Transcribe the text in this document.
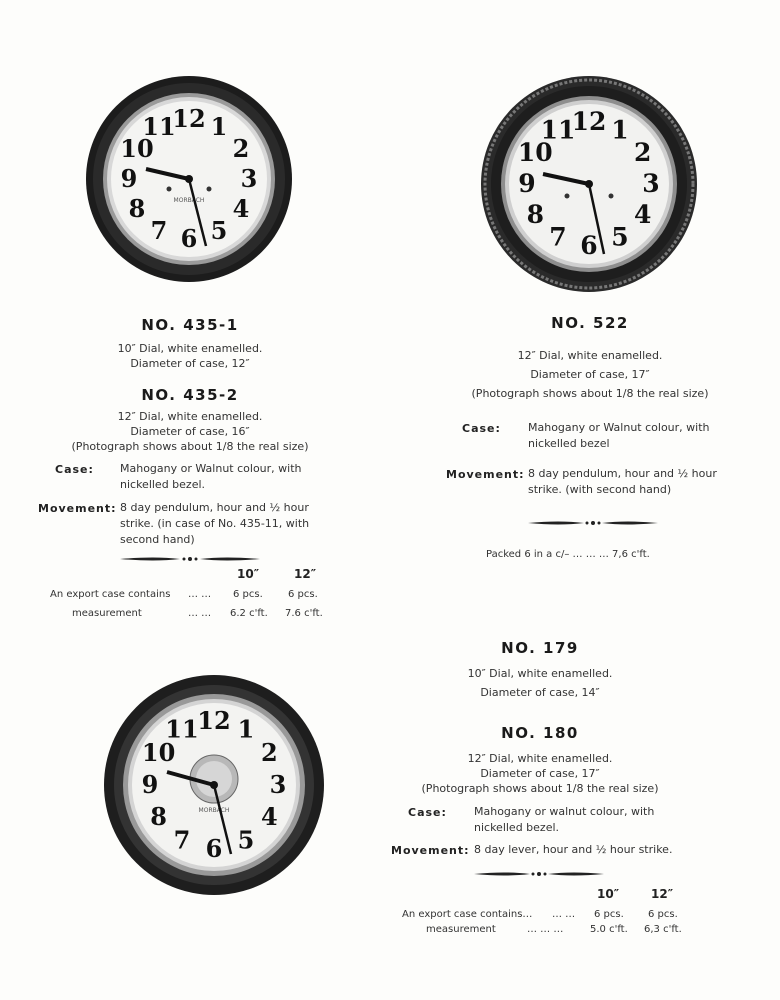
12 1
2
3
4
5
6
7
8
9
10
11
MORBACH
12 1
2
3
4
5
6
7
8
9
10
11
12 1
2
3
4
5
6
7
8
9
10
11
MORBACH
NO. 435-1
10″ Dial, white enamelled.
Diameter of case, 12″
NO. 435-2
12″ Dial, white enamelled.
Diameter of case, 16″
(Photograph shows about 1/8 the real size)
Case: Mahogany or Walnut colour, with nickelled bezel.
Movement: 8 day pendulum, hour and ½ hour strike. (in case of No. 435-11, with second hand)
10″	12″
An export case contains … … 6 pcs.	6 pcs.
measurement	… … 6.2 c'ft. 7.6 c'ft.
NO. 522
12″ Dial, white enamelled.
Diameter of case, 17″
(Photograph shows about 1/8 the real size)
Case: Mahogany or Walnut colour, with nickelled bezel
Movement: 8 day pendulum, hour and ½ hour strike. (with second hand)
Packed 6 in a c/– … … … 7,6 c'ft.
NO. 179
10″ Dial, white enamelled.
Diameter of case, 14″
NO. 180
12″ Dial, white enamelled.
Diameter of case, 17″
(Photograph shows about 1/8 the real size)
Case: Mahogany or walnut colour, with nickelled bezel.
Movement: 8 day lever, hour and ½ hour strike.
10″	12″
An export case contains… … … 6 pcs. 6 pcs.
measurement	… … …	5.0 c'ft. 6,3 c'ft.
